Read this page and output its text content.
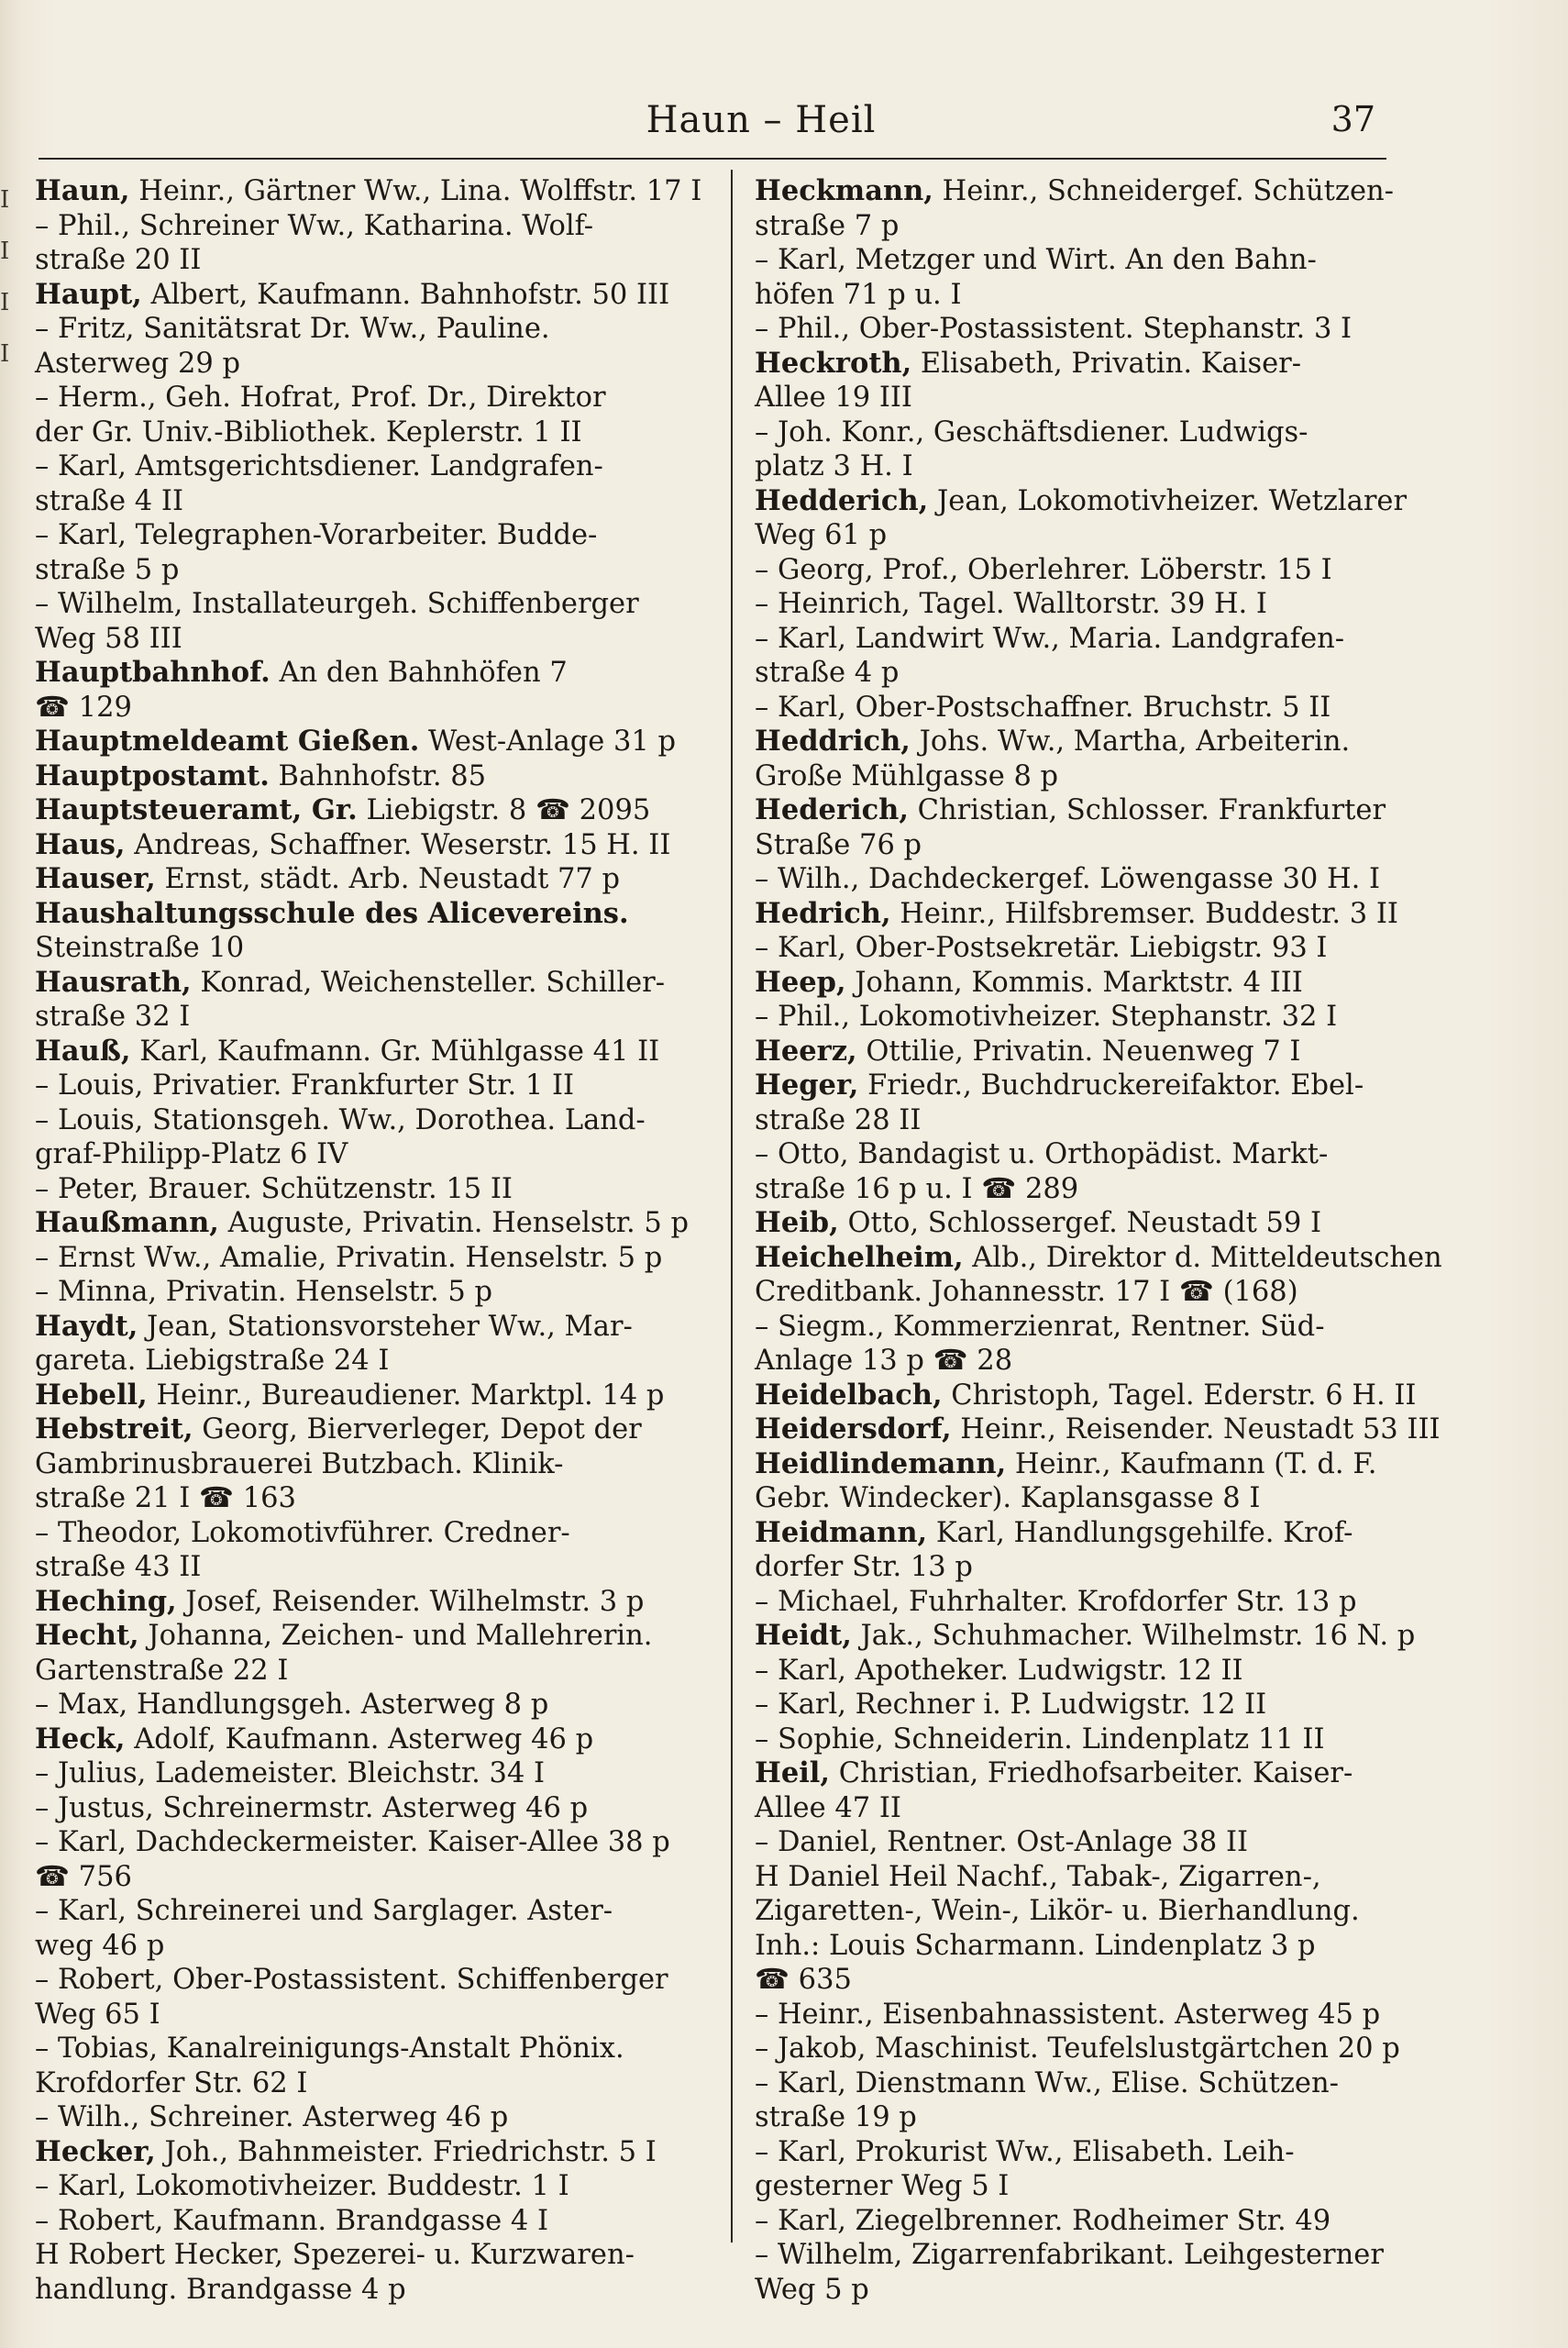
I
I
I
I
Haun – Heil	37
Haun, Heinr., Gärtner Ww., Lina. Wolffstr. 17 I
– Phil., Schreiner Ww., Katharina. Wolf-
straße 20 II
Haupt, Albert, Kaufmann. Bahnhofstr. 50 III
– Fritz, Sanitätsrat Dr. Ww., Pauline.
Asterweg 29 p
– Herm., Geh. Hofrat, Prof. Dr., Direktor
der Gr. Univ.-Bibliothek. Keplerstr. 1 II
– Karl, Amtsgerichtsdiener. Landgrafen-
straße 4 II
– Karl, Telegraphen-Vorarbeiter. Budde-
straße 5 p
– Wilhelm, Installateurgeh. Schiffenberger
Weg 58 III
Hauptbahnhof. An den Bahnhöfen 7
☎ 129
Hauptmeldeamt Gießen. West-Anlage 31 p
Hauptpostamt. Bahnhofstr. 85
Hauptsteueramt, Gr. Liebigstr. 8 ☎ 2095
Haus, Andreas, Schaffner. Weserstr. 15 H. II
Hauser, Ernst, städt. Arb. Neustadt 77 p
Haushaltungsschule des Alicevereins.
Steinstraße 10
Hausrath, Konrad, Weichensteller. Schiller-
straße 32 I
Hauß, Karl, Kaufmann. Gr. Mühlgasse 41 II
– Louis, Privatier. Frankfurter Str. 1 II
– Louis, Stationsgeh. Ww., Dorothea. Land-
graf-Philipp-Platz 6 IV
– Peter, Brauer. Schützenstr. 15 II
Haußmann, Auguste, Privatin. Henselstr. 5 p
– Ernst Ww., Amalie, Privatin. Henselstr. 5 p
– Minna, Privatin. Henselstr. 5 p
Haydt, Jean, Stationsvorsteher Ww., Mar-
gareta. Liebigstraße 24 I
Hebell, Heinr., Bureaudiener. Marktpl. 14 p
Hebstreit, Georg, Bierverleger, Depot der
Gambrinusbrauerei Butzbach. Klinik-
straße 21 I ☎ 163
– Theodor, Lokomotivführer. Credner-
straße 43 II
Heching, Josef, Reisender. Wilhelmstr. 3 p
Hecht, Johanna, Zeichen- und Mallehrerin.
Gartenstraße 22 I
– Max, Handlungsgeh. Asterweg 8 p
Heck, Adolf, Kaufmann. Asterweg 46 p
– Julius, Lademeister. Bleichstr. 34 I
– Justus, Schreinermstr. Asterweg 46 p
– Karl, Dachdeckermeister. Kaiser-Allee 38 p
☎ 756
– Karl, Schreinerei und Sarglager. Aster-
weg 46 p
– Robert, Ober-Postassistent. Schiffenberger
Weg 65 I
– Tobias, Kanalreinigungs-Anstalt Phönix.
Krofdorfer Str. 62 I
– Wilh., Schreiner. Asterweg 46 p
Hecker, Joh., Bahnmeister. Friedrichstr. 5 I
– Karl, Lokomotivheizer. Buddestr. 1 I
– Robert, Kaufmann. Brandgasse 4 I
H Robert Hecker, Spezerei- u. Kurzwaren-
handlung. Brandgasse 4 p
Heckmann, Heinr., Schneidergef. Schützen-
straße 7 p
– Karl, Metzger und Wirt. An den Bahn-
höfen 71 p u. I
– Phil., Ober-Postassistent. Stephanstr. 3 I
Heckroth, Elisabeth, Privatin. Kaiser-
Allee 19 III
– Joh. Konr., Geschäftsdiener. Ludwigs-
platz 3 H. I
Hedderich, Jean, Lokomotivheizer. Wetzlarer
Weg 61 p
– Georg, Prof., Oberlehrer. Löberstr. 15 I
– Heinrich, Tagel. Walltorstr. 39 H. I
– Karl, Landwirt Ww., Maria. Landgrafen-
straße 4 p
– Karl, Ober-Postschaffner. Bruchstr. 5 II
Heddrich, Johs. Ww., Martha, Arbeiterin.
Große Mühlgasse 8 p
Hederich, Christian, Schlosser. Frankfurter
Straße 76 p
– Wilh., Dachdeckergef. Löwengasse 30 H. I
Hedrich, Heinr., Hilfsbremser. Buddestr. 3 II
– Karl, Ober-Postsekretär. Liebigstr. 93 I
Heep, Johann, Kommis. Marktstr. 4 III
– Phil., Lokomotivheizer. Stephanstr. 32 I
Heerz, Ottilie, Privatin. Neuenweg 7 I
Heger, Friedr., Buchdruckereifaktor. Ebel-
straße 28 II
– Otto, Bandagist u. Orthopädist. Markt-
straße 16 p u. I ☎ 289
Heib, Otto, Schlossergef. Neustadt 59 I
Heichelheim, Alb., Direktor d. Mitteldeutschen
Creditbank. Johannesstr. 17 I ☎ (168)
– Siegm., Kommerzienrat, Rentner. Süd-
Anlage 13 p ☎ 28
Heidelbach, Christoph, Tagel. Ederstr. 6 H. II
Heidersdorf, Heinr., Reisender. Neustadt 53 III
Heidlindemann, Heinr., Kaufmann (T. d. F.
Gebr. Windecker). Kaplansgasse 8 I
Heidmann, Karl, Handlungsgehilfe. Krof-
dorfer Str. 13 p
– Michael, Fuhrhalter. Krofdorfer Str. 13 p
Heidt, Jak., Schuhmacher. Wilhelmstr. 16 N. p
– Karl, Apotheker. Ludwigstr. 12 II
– Karl, Rechner i. P. Ludwigstr. 12 II
– Sophie, Schneiderin. Lindenplatz 11 II
Heil, Christian, Friedhofsarbeiter. Kaiser-
Allee 47 II
– Daniel, Rentner. Ost-Anlage 38 II
H Daniel Heil Nachf., Tabak-, Zigarren-,
Zigaretten-, Wein-, Likör- u. Bierhandlung.
Inh.: Louis Scharmann. Lindenplatz 3 p
☎ 635
– Heinr., Eisenbahnassistent. Asterweg 45 p
– Jakob, Maschinist. Teufelslustgärtchen 20 p
– Karl, Dienstmann Ww., Elise. Schützen-
straße 19 p
– Karl, Prokurist Ww., Elisabeth. Leih-
gesterner Weg 5 I
– Karl, Ziegelbrenner. Rodheimer Str. 49
– Wilhelm, Zigarrenfabrikant. Leihgesterner
Weg 5 p
